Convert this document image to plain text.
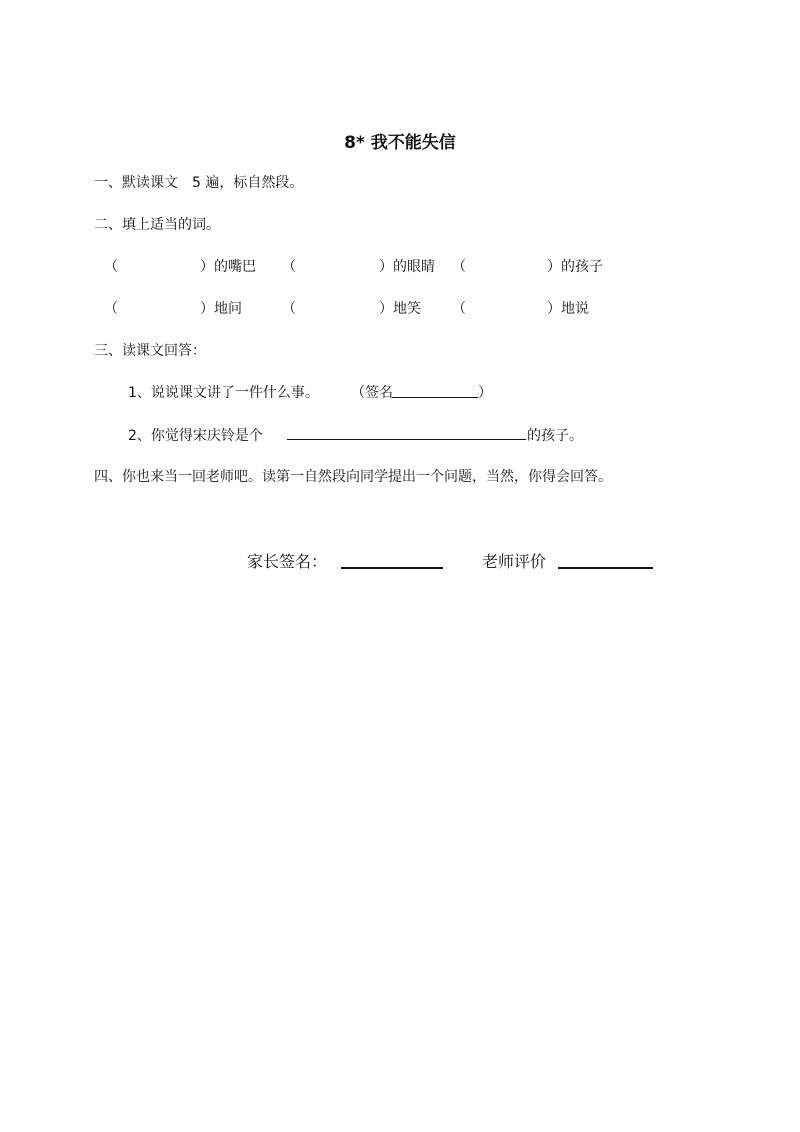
8* 我不能失信
一、默读课文　5 遍，标自然段。
二、填上适当的词。
（	）的嘴巴 （	）的眼睛 （	）的孩子
（	）地问	（	）地笑 （	）地说
三、读课文回答：
1、说说课文讲了一件什么事。 （签名	）
2、你觉得宋庆铃是个	的孩子。
四、你也来当一回老师吧。读第一自然段向同学提出一个问题，当然，你得会回答。
家长签名：	老师评价
